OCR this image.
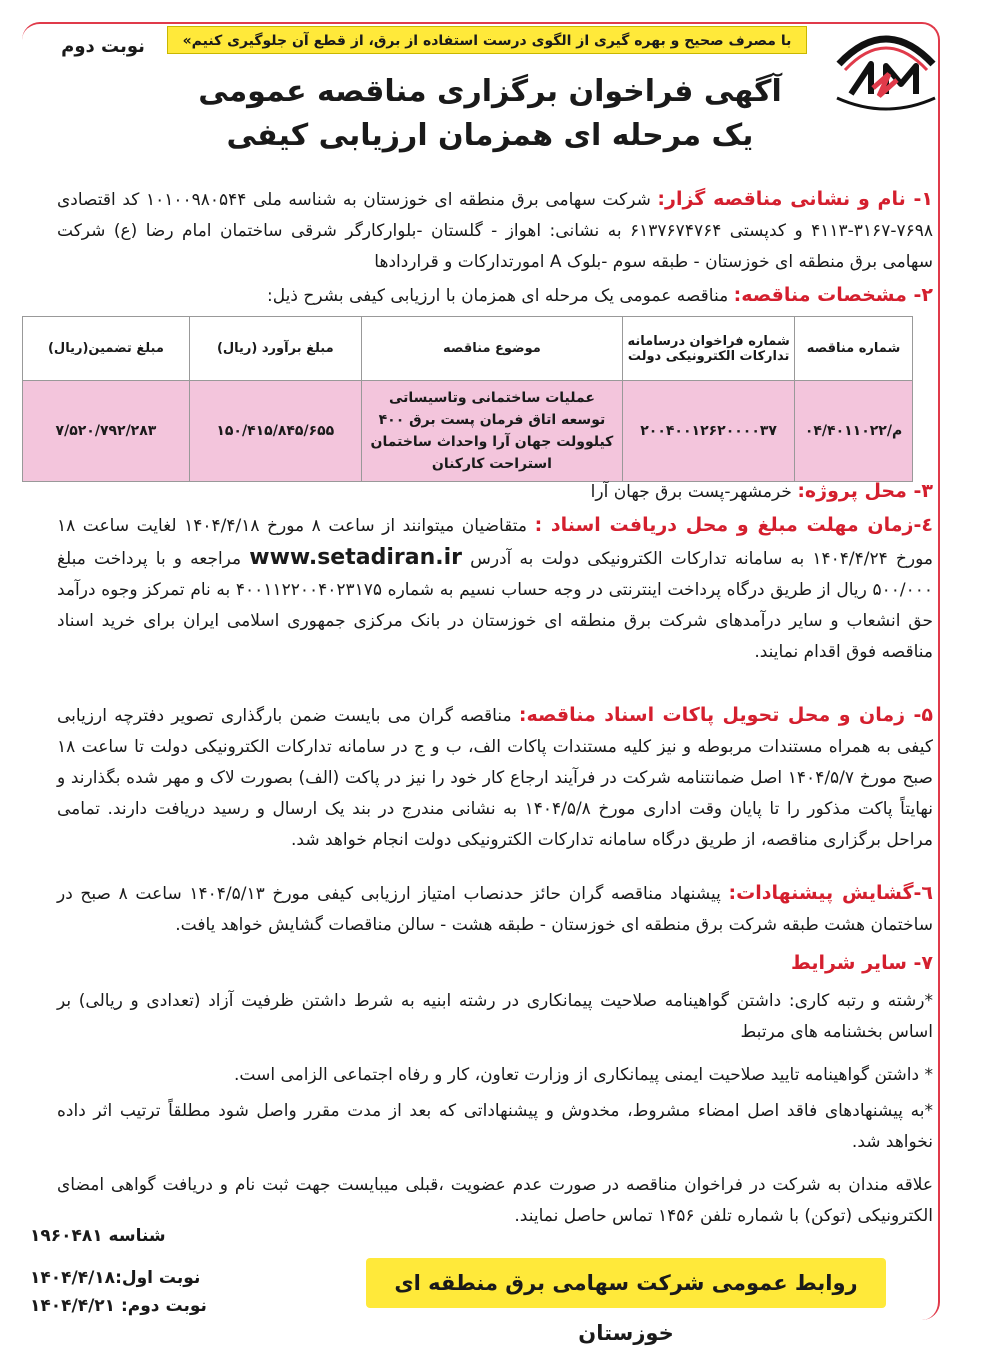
با مصرف صحیح و بهره گیری از الگوی درست استفاده از برق، از قطع آن جلوگیری کنیم»
نوبت دوم
آگهی فراخوان برگزاری مناقصه عمومی
یک مرحله ای همزمان ارزیابی کیفی
۱- نام و نشانی مناقصه گزار: شرکت سهامی برق منطقه ای خوزستان به شناسه ملی ۱۰۱۰۰۹۸۰۵۴۴ کد اقتصادی ۷۶۹۸-۳۱۶۷-۴۱۱۳ و کدپستی ۶۱۳۷۶۷۴۷۶۴ به نشانی: اهواز - گلستان -بلوارکارگر شرقی ساختمان امام رضا (ع) شرکت سهامی برق منطقه ای خوزستان - طبقه سوم -بلوک A امورتدارکات و قراردادها
۲- مشخصات مناقصه: مناقصه عمومی یک مرحله ای همزمان با ارزیابی کیفی بشرح ذیل:
شماره مناقصه	شماره فراخوان درسامانه تدارکات الکترونیکی دولت	موضوع مناقصه	مبلغ برآورد (ریال)	مبلغ تضمین(ریال)
م/۰۴/۴۰۱۱۰۲۲	۲۰۰۴۰۰۱۲۶۲۰۰۰۰۳۷	عملیات ساختمانی وتاسیساتی توسعه اتاق فرمان پست برق ۴۰۰ کیلوولت جهان آرا واحداث ساختمان استراحت کارکنان	۱۵۰/۴۱۵/۸۴۵/۶۵۵	۷/۵۲۰/۷۹۲/۲۸۳
۳- محل پروژه: خرمشهر-پست برق جهان آرا
٤-زمان مهلت مبلغ و محل دریافت اسناد : متقاضیان میتوانند از ساعت ۸ مورخ ۱۴۰۴/۴/۱۸ لغایت ساعت ۱۸ مورخ ۱۴۰۴/۴/۲۴ به سامانه تدارکات الکترونیکی دولت به آدرس www.setadiran.ir مراجعه و با پرداخت مبلغ ۵۰۰/۰۰۰ ریال از طریق درگاه پرداخت اینترنتی در وجه حساب نسیم به شماره ۴۰۰۱۱۲۲۰۰۴۰۲۳۱۷۵ به نام تمرکز وجوه درآمد حق انشعاب و سایر درآمدهای شرکت برق منطقه ای خوزستان در بانک مرکزی جمهوری اسلامی ایران برای خرید اسناد مناقصه فوق اقدام نمایند.
۵- زمان و محل تحویل پاکات اسناد مناقصه: مناقصه گران می بایست ضمن بارگذاری تصویر دفترچه ارزیابی کیفی به همراه مستندات مربوطه و نیز کلیه مستندات پاکات الف، ب و ج در سامانه تدارکات الکترونیکی دولت تا ساعت ۱۸ صبح مورخ ۱۴۰۴/۵/۷ اصل ضمانتنامه شرکت در فرآیند ارجاع کار خود را نیز در پاکت (الف) بصورت لاک و مهر شده بگذارند و نهایتاً پاکت مذکور را تا پایان وقت اداری مورخ ۱۴۰۴/۵/۸ به نشانی مندرج در بند یک ارسال و رسید دریافت دارند. تمامی مراحل برگزاری مناقصه، از طریق درگاه سامانه تدارکات الکترونیکی دولت انجام خواهد شد.
٦-گشایش پیشنهادات: پیشنهاد مناقصه گران حائز حدنصاب امتیاز ارزیابی کیفی مورخ ۱۴۰۴/۵/۱۳ ساعت ۸ صبح در ساختمان هشت طبقه شرکت برق منطقه ای خوزستان - طبقه هشت - سالن مناقصات گشایش خواهد یافت.
۷- سایر شرایط
*رشته و رتبه کاری: داشتن گواهینامه صلاحیت پیمانکاری در رشته ابنیه به شرط داشتن ظرفیت آزاد (تعدادی و ریالی) بر اساس بخشنامه های مرتبط
* داشتن گواهینامه تایید صلاحیت ایمنی پیمانکاری از وزارت تعاون، کار و رفاه اجتماعی الزامی است.
*به پیشنهادهای فاقد اصل امضاء مشروط، مخدوش و پیشنهاداتی که بعد از مدت مقرر واصل شود مطلقاً ترتیب اثر داده نخواهد شد.
علاقه مندان به شرکت در فراخوان مناقصه در صورت عدم عضویت ،قبلی میبایست جهت ثبت نام و دریافت گواهی امضای الکترونیکی (توکن) با شماره تلفن ۱۴۵۶ تماس حاصل نمایند.
شناسه ۱۹۶۰۴۸۱
نوبت اول:۱۴۰۴/۴/۱۸
نوبت دوم: ۱۴۰۴/۴/۲۱
روابط عمومی شرکت سهامی برق منطقه ای خوزستان
